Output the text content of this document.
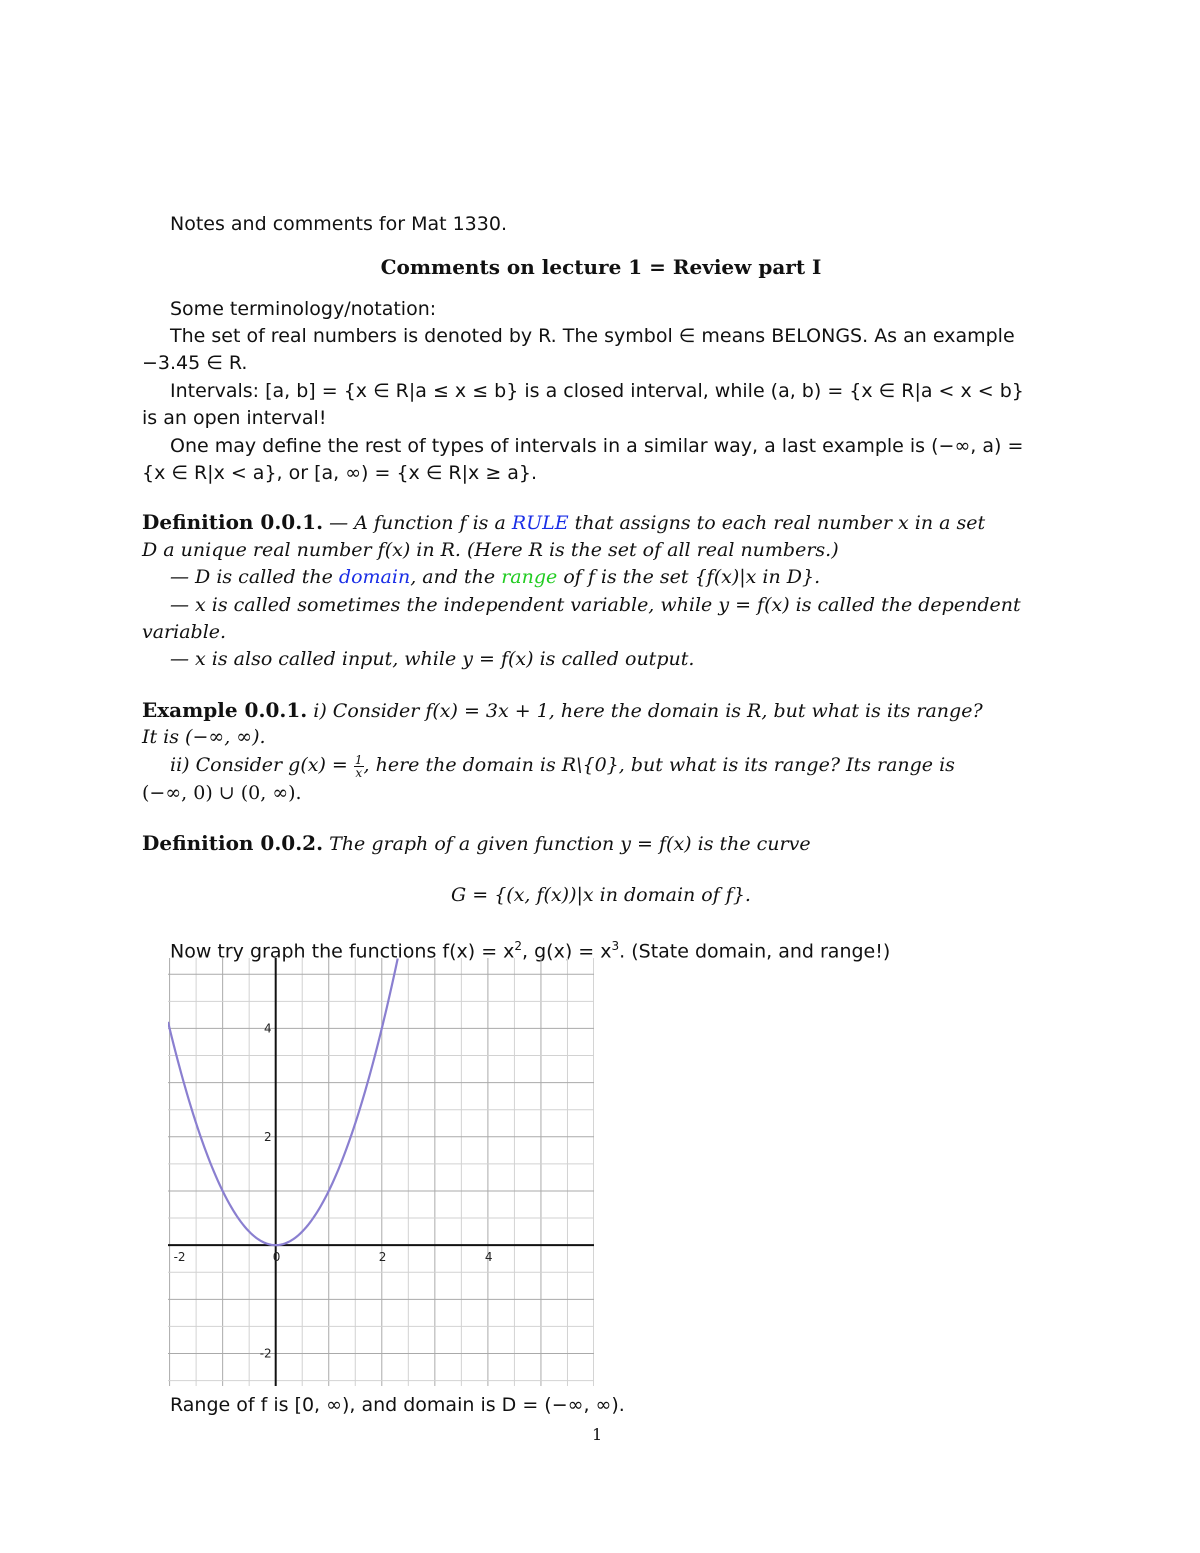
Notes and comments for Mat 1330.
Comments on lecture 1 = Review part I
Some terminology/notation:
The set of real numbers is denoted by R. The symbol ∈ means BELONGS. As an example
−3.45 ∈ R.
Intervals: [a, b] = {x ∈ R|a ≤ x ≤ b} is a closed interval, while (a, b) = {x ∈ R|a < x < b}
is an open interval!
One may define the rest of types of intervals in a similar way, a last example is (−∞, a) =
{x ∈ R|x < a}, or [a, ∞) = {x ∈ R|x ≥ a}.
Definition 0.0.1. — A function f is a RULE that assigns to each real number x in a set
D a unique real number f(x) in R. (Here R is the set of all real numbers.)
— D is called the domain, and the range of f is the set {f(x)|x in D}.
— x is called sometimes the independent variable, while y = f(x) is called the dependent
variable.
— x is also called input, while y = f(x) is called output.
Example 0.0.1. i) Consider f(x) = 3x + 1, here the domain is R, but what is its range?
It is (−∞, ∞).
ii) Consider $g(x) = \frac{1}{x}$ , here the domain is R\{0}, but what is its range? Its range is
(−∞, 0) ∪ (0, ∞).
Definition 0.0.2. The graph of a given function y = f(x) is the curve
G = {(x, f(x))|x in domain of f}.
Now try graph the functions $f(x) = x^2$, $g(x) = x^3$. (State domain, and range!)
-2	0	2	4
4
2
-2
Range of f is [0, ∞), and domain is D = (−∞, ∞).
1
